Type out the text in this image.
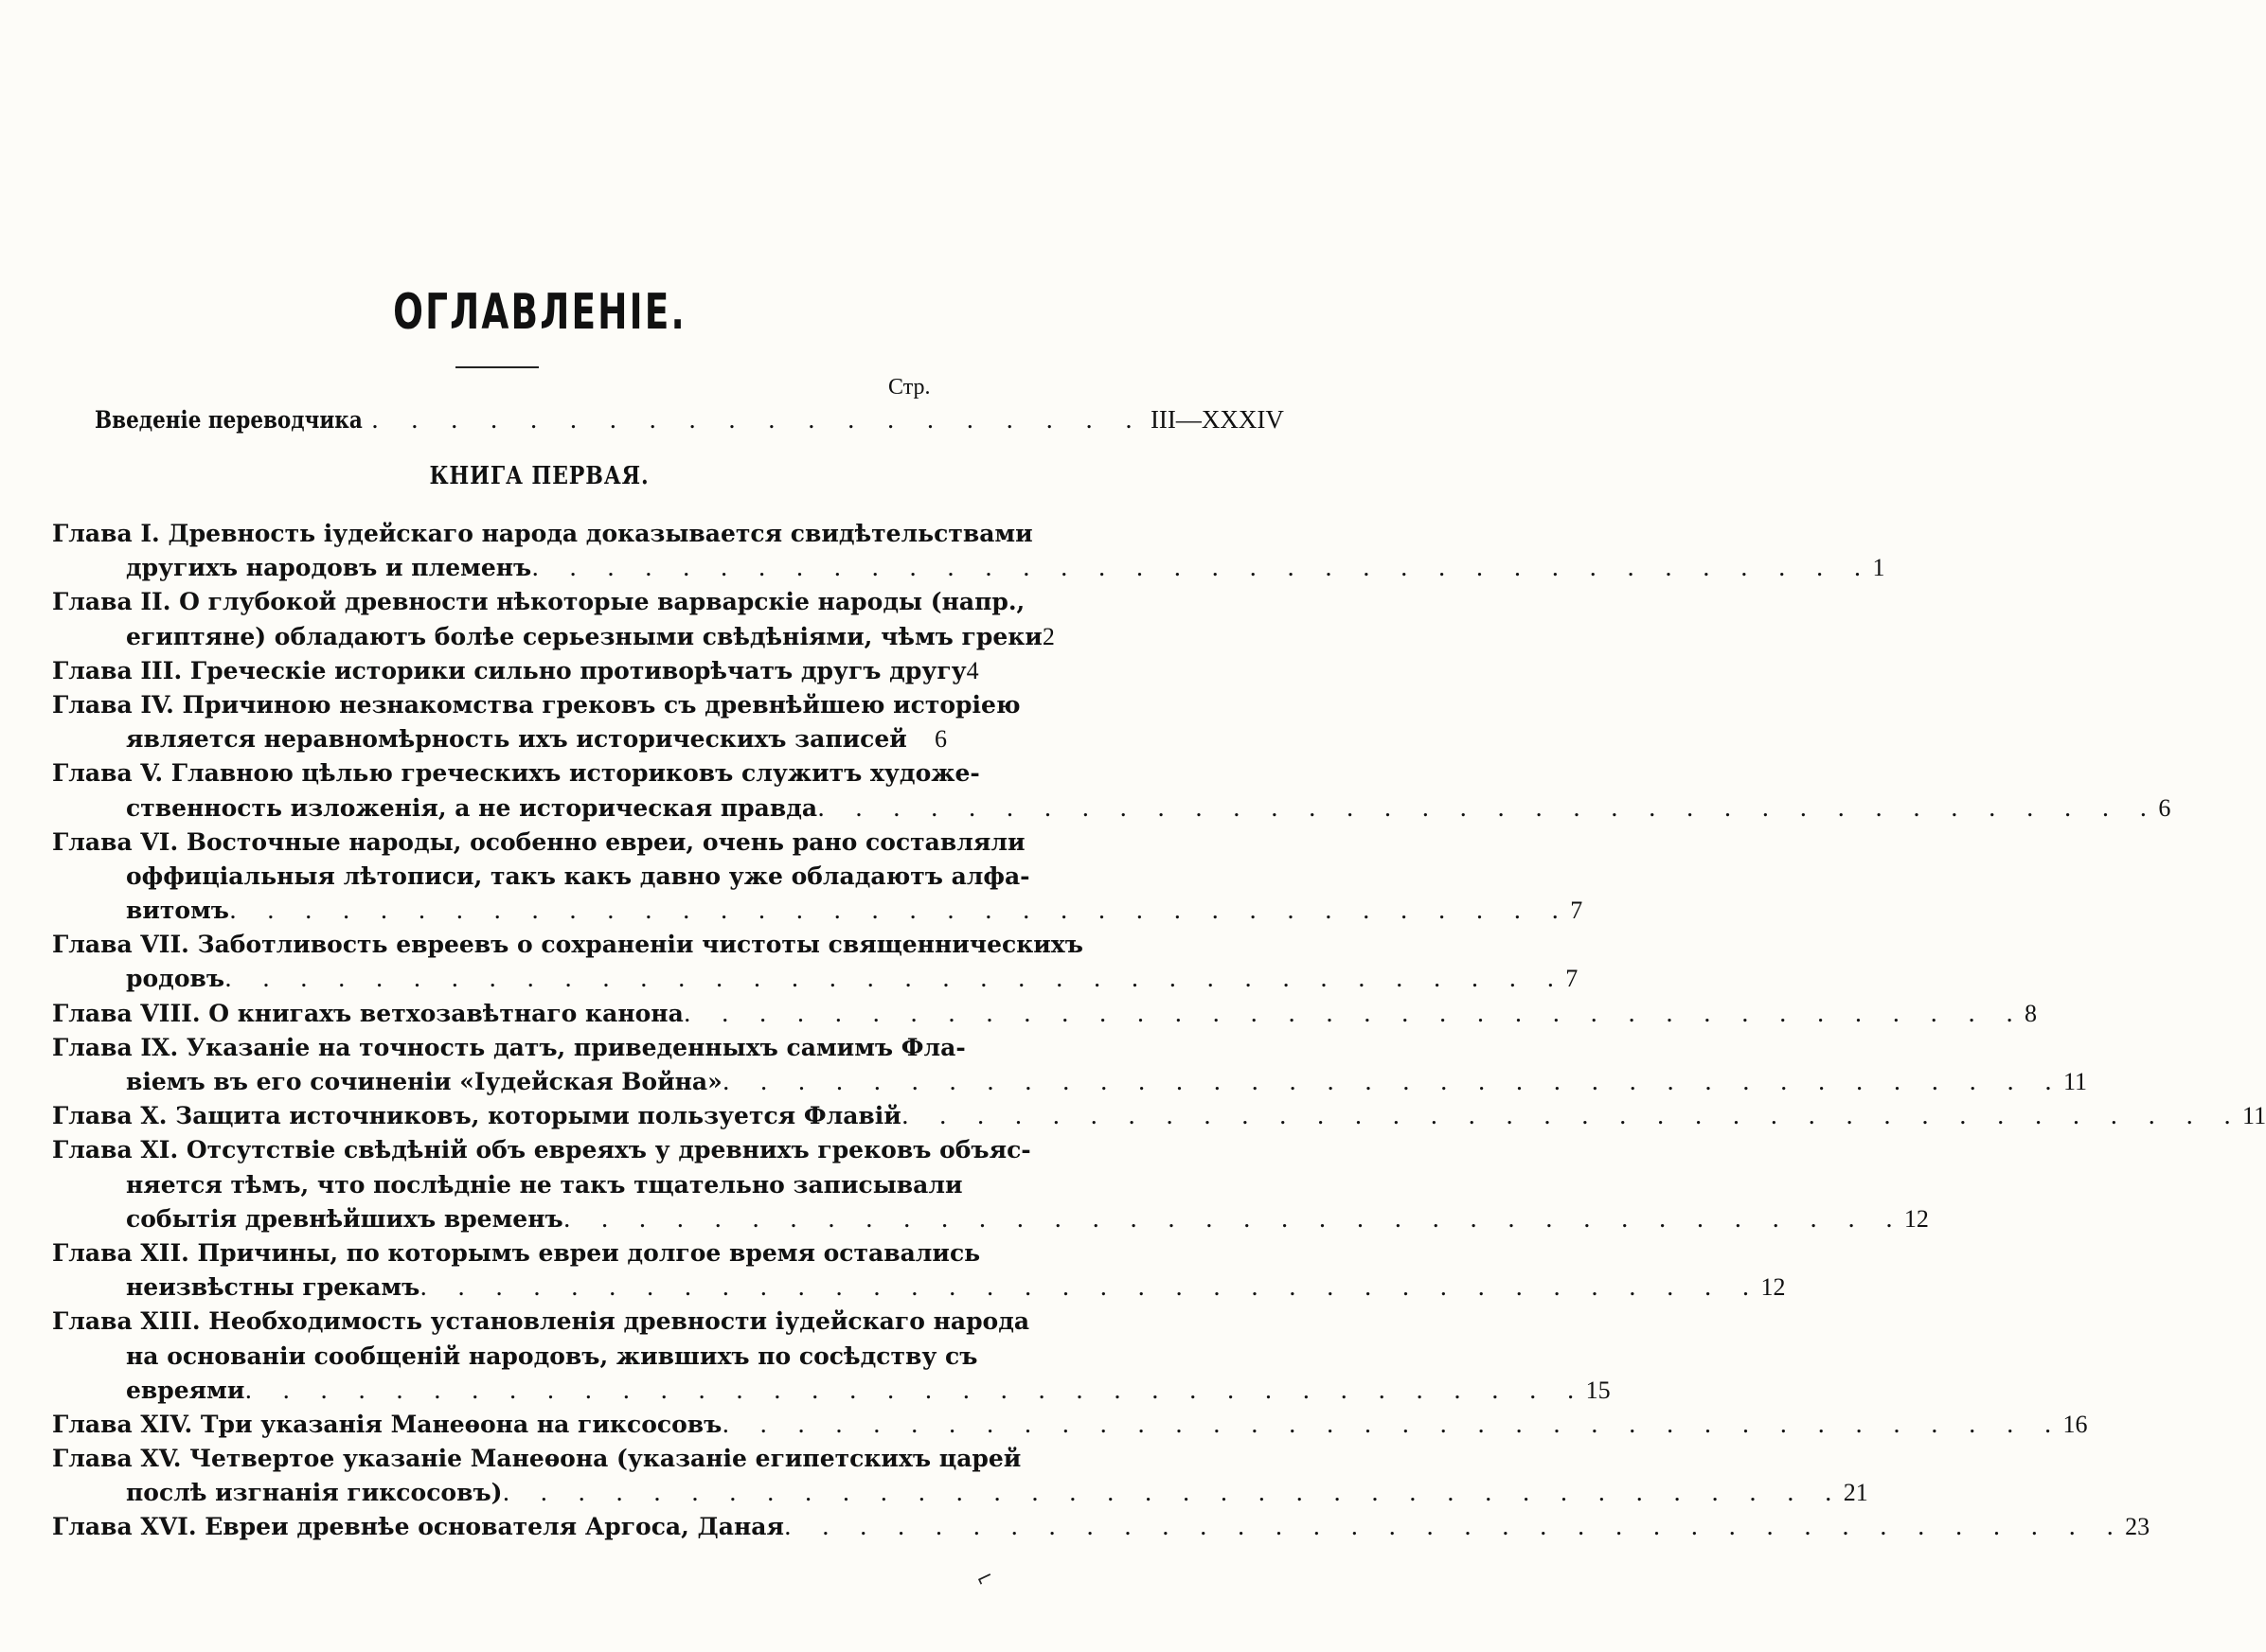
ОГЛАВЛЕНІЕ.
Стр.
Введеніе переводчика . . . . . . . . . . . . . . . . . . . . III—XXXIV
КНИГА ПЕРВАЯ.
Глава I. Древность іудейскаго народа доказывается свидѣтельствами
другихъ народовъ и племенъ . . . . . . . . . . . . . . . . . . . . . . . . . . . . . . . . . . . . 1
Глава II. О глубокой древности нѣкоторые варварскіе народы (напр.,
египтяне) обладаютъ болѣе серьезными свѣдѣніями, чѣмъ греки 2
Глава III. Греческіе историки сильно противорѣчатъ другъ другу 4
Глава IV. Причиною незнакомства грековъ съ древнѣйшею исторіею
является неравномѣрность ихъ историческихъ записей	6
Глава V. Главною цѣлью греческихъ историковъ служитъ художе-
ственность изложенія, а не историческая правда . . . . . . . . . . . . . . . . . . . . . . . . . . . . . . . . . . . . 6
Глава VI. Восточные народы, особенно евреи, очень рано составляли
оффиціальныя лѣтописи, такъ какъ давно уже обладаютъ алфа-
витомъ . . . . . . . . . . . . . . . . . . . . . . . . . . . . . . . . . . . . 7
Глава VII. Заботливость евреевъ о сохраненіи чистоты священническихъ
родовъ . . . . . . . . . . . . . . . . . . . . . . . . . . . . . . . . . . . . 7
Глава VIII. О книгахъ ветхозавѣтнаго канона . . . . . . . . . . . . . . . . . . . . . . . . . . . . . . . . . . . . 8
Глава IX. Указаніе на точность датъ, приведенныхъ самимъ Фла-
віемъ въ его сочиненіи «Іудейская Война» . . . . . . . . . . . . . . . . . . . . . . . . . . . . . . . . . . . . 11
Глава X. Защита источниковъ, которыми пользуется Флавій . . . . . . . . . . . . . . . . . . . . . . . . . . . . . . . . . . . . 11
Глава XI. Отсутствіе свѣдѣній объ евреяхъ у древнихъ грековъ объяс-
няется тѣмъ, что послѣдніе не такъ тщательно записывали
событія древнѣйшихъ временъ . . . . . . . . . . . . . . . . . . . . . . . . . . . . . . . . . . . . 12
Глава XII. Причины, по которымъ евреи долгое время оставались
неизвѣстны грекамъ . . . . . . . . . . . . . . . . . . . . . . . . . . . . . . . . . . . . 12
Глава XIII. Необходимость установленія древности іудейскаго народа
на основаніи сообщеній народовъ, жившихъ по сосѣдству съ
евреями . . . . . . . . . . . . . . . . . . . . . . . . . . . . . . . . . . . . 15
Глава XIV. Три указанія Манеѳона на гиксосовъ . . . . . . . . . . . . . . . . . . . . . . . . . . . . . . . . . . . . 16
Глава XV. Четвертое указаніе Манеѳона (указаніе египетскихъ царей
послѣ изгнанія гиксосовъ) . . . . . . . . . . . . . . . . . . . . . . . . . . . . . . . . . . . . 21
Глава XVI. Евреи древнѣе основателя Аргоса, Даная . . . . . . . . . . . . . . . . . . . . . . . . . . . . . . . . . . . . 23
⌐
